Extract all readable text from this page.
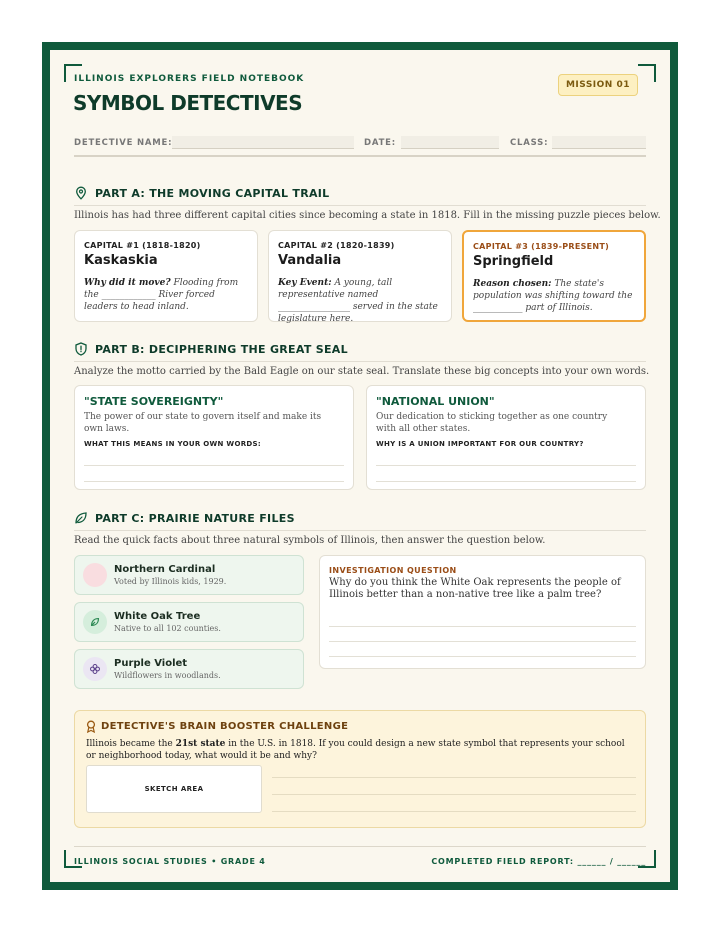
ILLINOIS EXPLORERS FIELD NOTEBOOK
SYMBOL DETECTIVES
MISSION 01
DETECTIVE NAME:	DATE:	CLASS:
PART A: THE MOVING CAPITAL TRAIL
Illinois has had three different capital cities since becoming a state in 1818. Fill in the missing puzzle pieces below.
CAPITAL #1 (1818-1820)
Kaskaskia
Why did it move? Flooding from the ____________ River forced leaders to head inland.
CAPITAL #2 (1820-1839)
Vandalia
Key Event: A young, tall representative named ________________ served in the state legislature here.
CAPITAL #3 (1839-PRESENT)
Springfield
Reason chosen: The state's population was shifting toward the ___________ part of Illinois.
PART B: DECIPHERING THE GREAT SEAL
Analyze the motto carried by the Bald Eagle on our state seal. Translate these big concepts into your own words.
"STATE SOVEREIGNTY"
The power of our state to govern itself and make its own laws.
WHAT THIS MEANS IN YOUR OWN WORDS:
"NATIONAL UNION"
Our dedication to sticking together as one country with all other states.
WHY IS A UNION IMPORTANT FOR OUR COUNTRY?
PART C: PRAIRIE NATURE FILES
Read the quick facts about three natural symbols of Illinois, then answer the question below.
Northern Cardinal
Voted by Illinois kids, 1929.
White Oak Tree
Native to all 102 counties.
Purple Violet
Wildflowers in woodlands.
INVESTIGATION QUESTION
Why do you think the White Oak represents the people of Illinois better than a non-native tree like a palm tree?
DETECTIVE'S BRAIN BOOSTER CHALLENGE
Illinois became the 21st state in the U.S. in 1818. If you could design a new state symbol that represents your school or neighborhood today, what would it be and why?
SKETCH AREA
ILLINOIS SOCIAL STUDIES • GRADE 4	COMPLETED FIELD REPORT: ______ / ______
